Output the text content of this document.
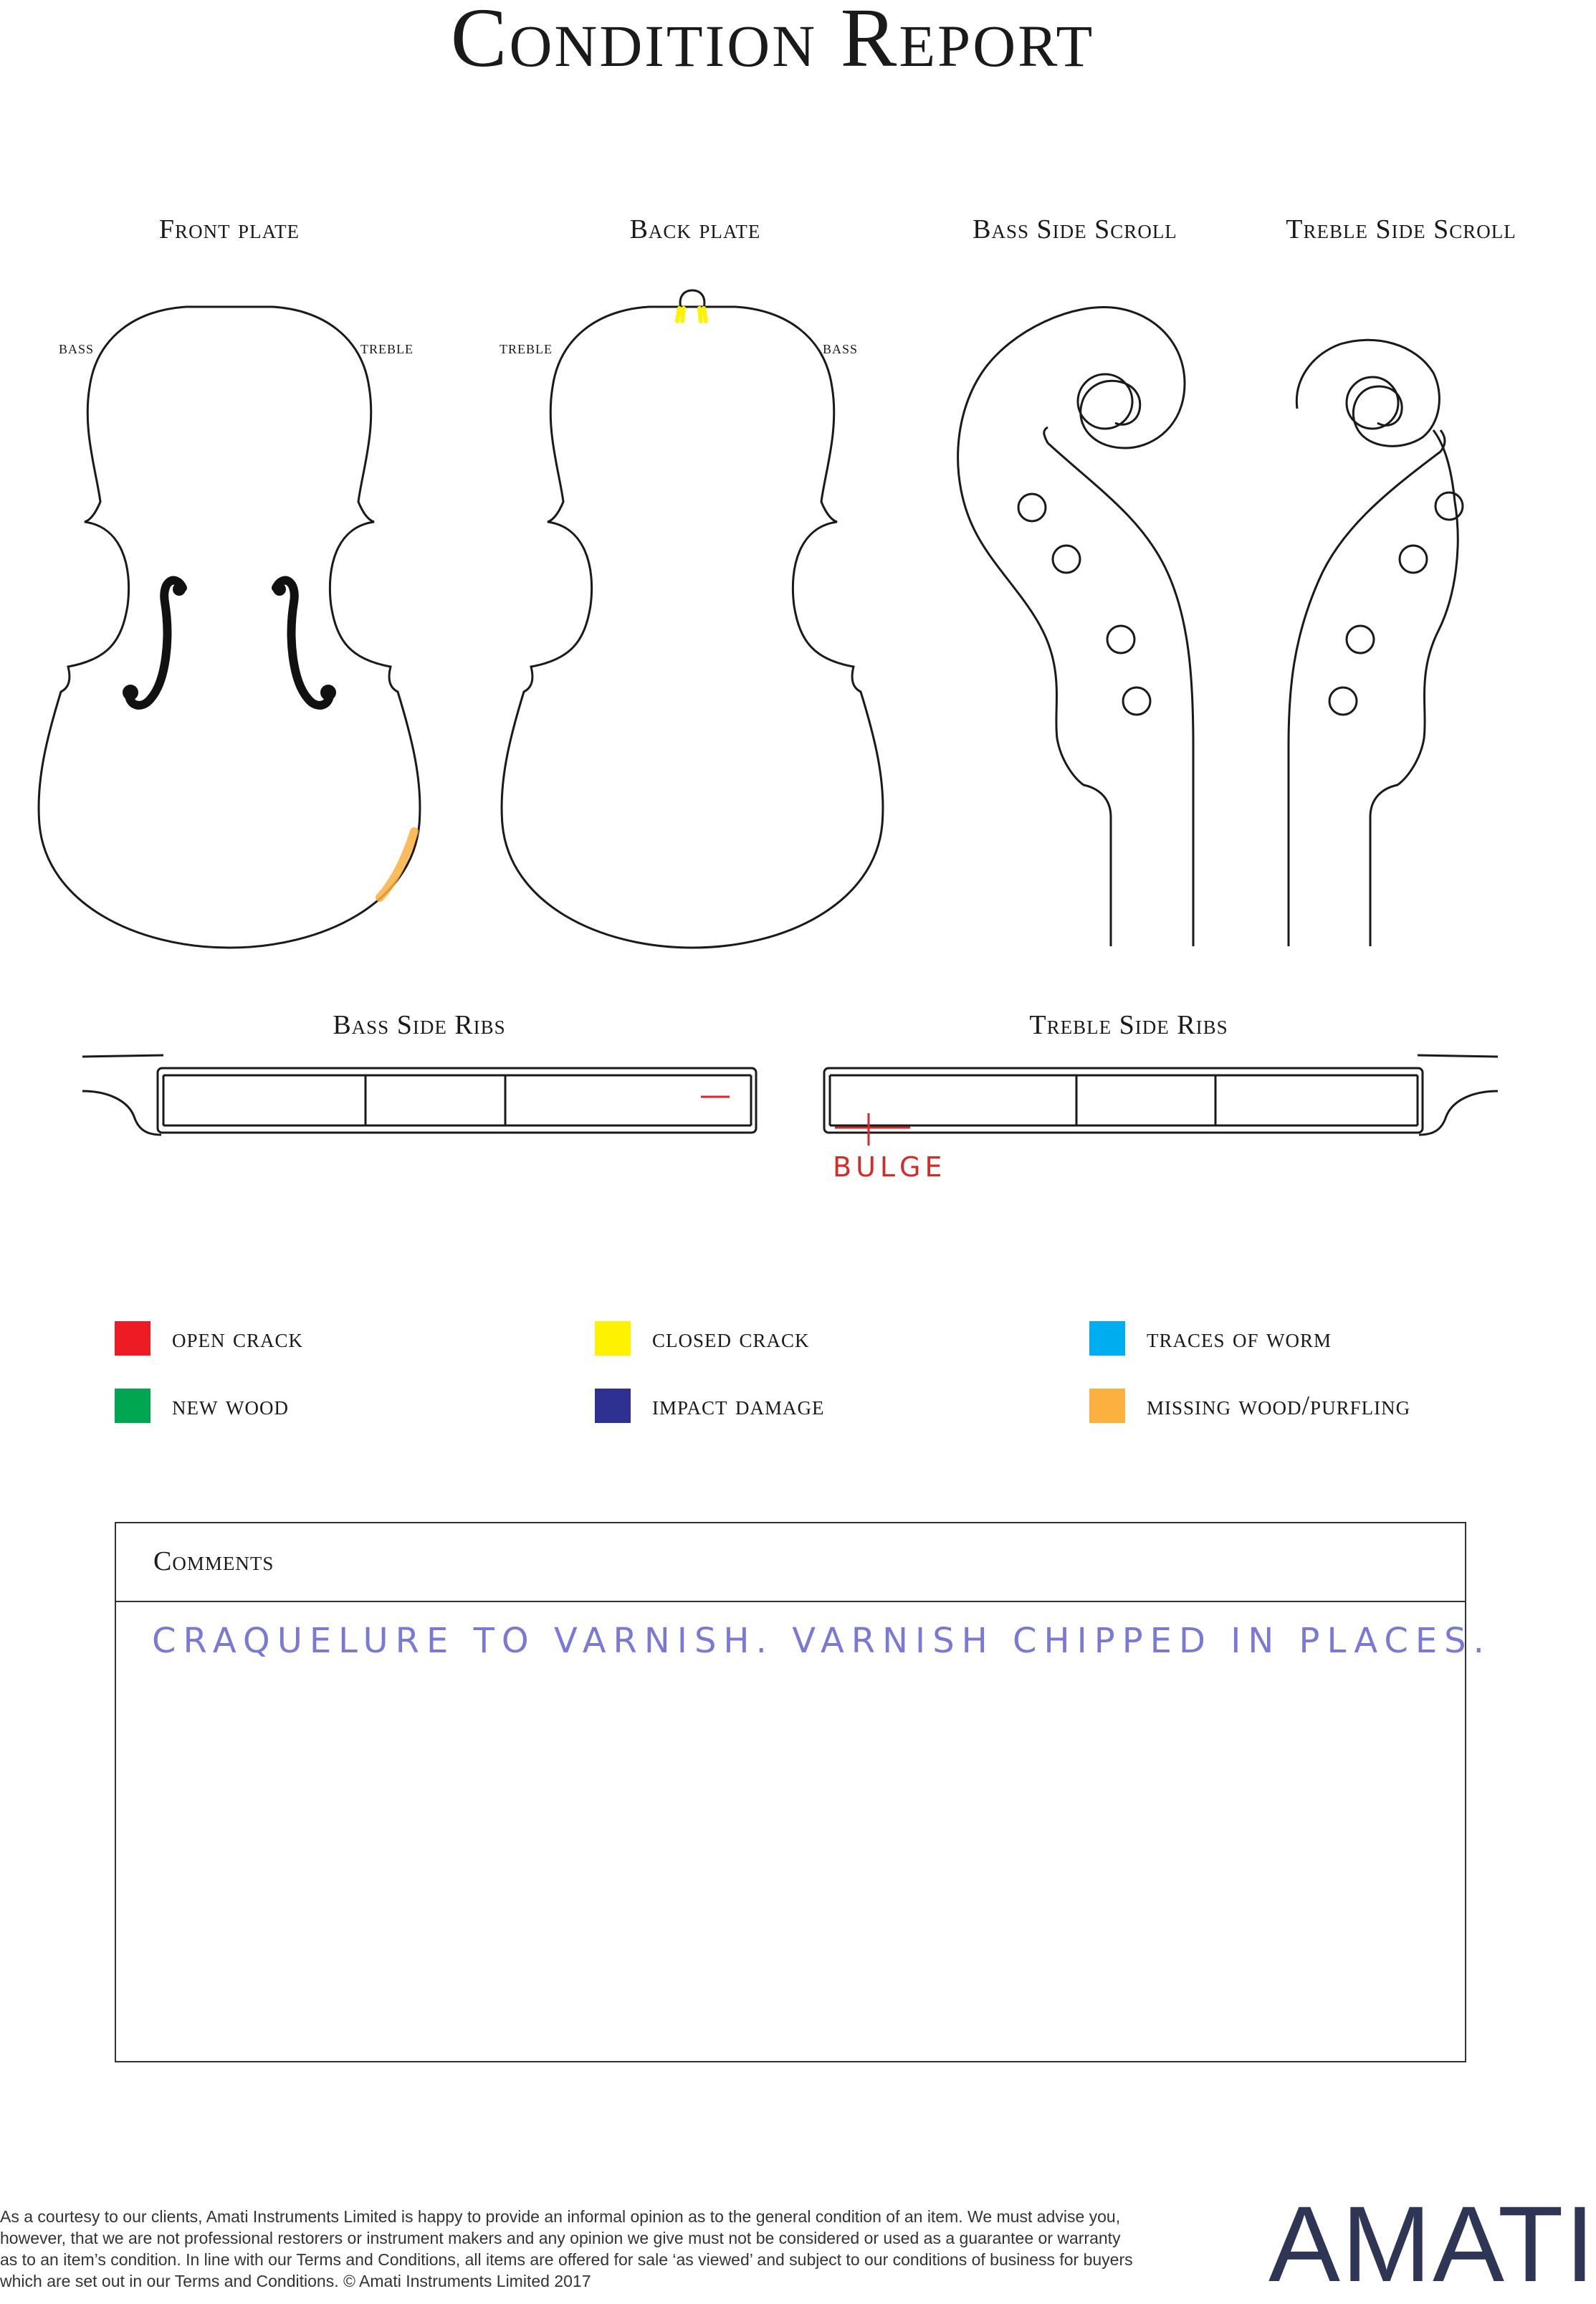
Condition Report
Front plate	Back plate	Bass Side Scroll	Treble Side Scroll
bass	treble	treble	bass
Bass Side Ribs	Treble Side Ribs
BULGE
open crack	closed crack	traces of worm
new wood	impact damage	missing wood/purfling
Comments
CRAQUELURE TO VARNISH. VARNISH CHIPPED IN PLACES.
As a courtesy to our clients, Amati Instruments Limited is happy to provide an informal opinion as to the general condition of an item. We must advise you, however, that we are not professional restorers or instrument makers and any opinion we give must not be considered or used as a guarantee or warranty as to an item’s condition. In line with our Terms and Conditions, all items are offered for sale ‘as viewed’ and subject to our conditions of business for buyers which are set out in our Terms and Conditions. © Amati Instruments Limited 2017	AMATI
